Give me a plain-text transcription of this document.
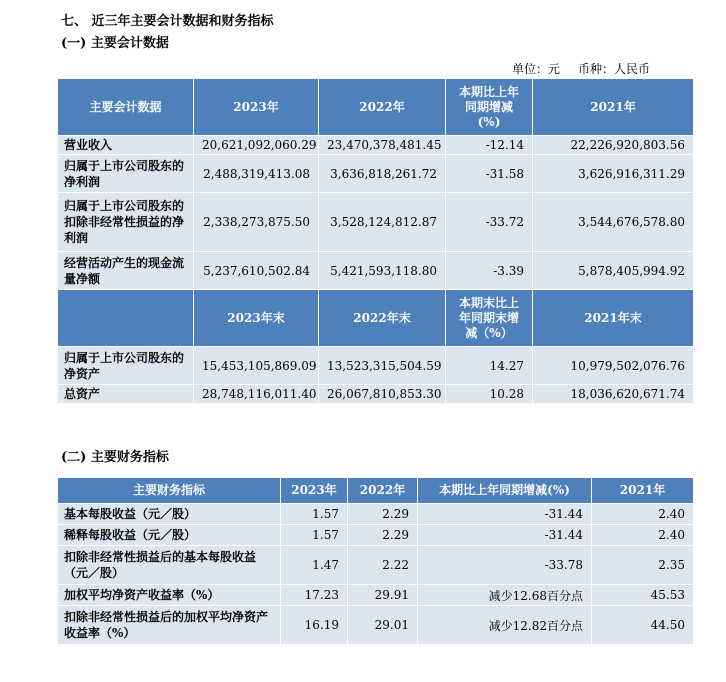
七、 近三年主要会计数据和财务指标
(一) 主要会计数据
单位：元 币种：人民币
主要会计数据	2023年	2022年	本期比上年同期增减(%)	2021年
营业收入	20,621,092,060.29	23,470,378,481.45	-12.14	22,226,920,803.56
归属于上市公司股东的净利润	2,488,319,413.08	3,636,818,261.72	-31.58	3,626,916,311.29
归属于上市公司股东的扣除非经常性损益的净利润	2,338,273,875.50	3,528,124,812.87	-33.72	3,544,676,578.80
经营活动产生的现金流量净额	5,237,610,502.84	5,421,593,118.80	-3.39	5,878,405,994.92
	2023年末	2022年末	本期末比上年同期末增减（%）	2021年末
归属于上市公司股东的净资产	15,453,105,869.09	13,523,315,504.59	14.27	10,979,502,076.76
总资产	28,748,116,011.40	26,067,810,853.30	10.28	18,036,620,671.74
(二) 主要财务指标
主要财务指标	2023年	2022年	本期比上年同期增减(%)	2021年
基本每股收益（元／股）	1.57	2.29	-31.44	2.40
稀释每股收益（元／股）	1.57	2.29	-31.44	2.40
扣除非经常性损益后的基本每股收益（元／股）	1.47	2.22	-33.78	2.35
加权平均净资产收益率（%）	17.23	29.91	减少12.68百分点	45.53
扣除非经常性损益后的加权平均净资产收益率（%）	16.19	29.01	减少12.82百分点	44.50
